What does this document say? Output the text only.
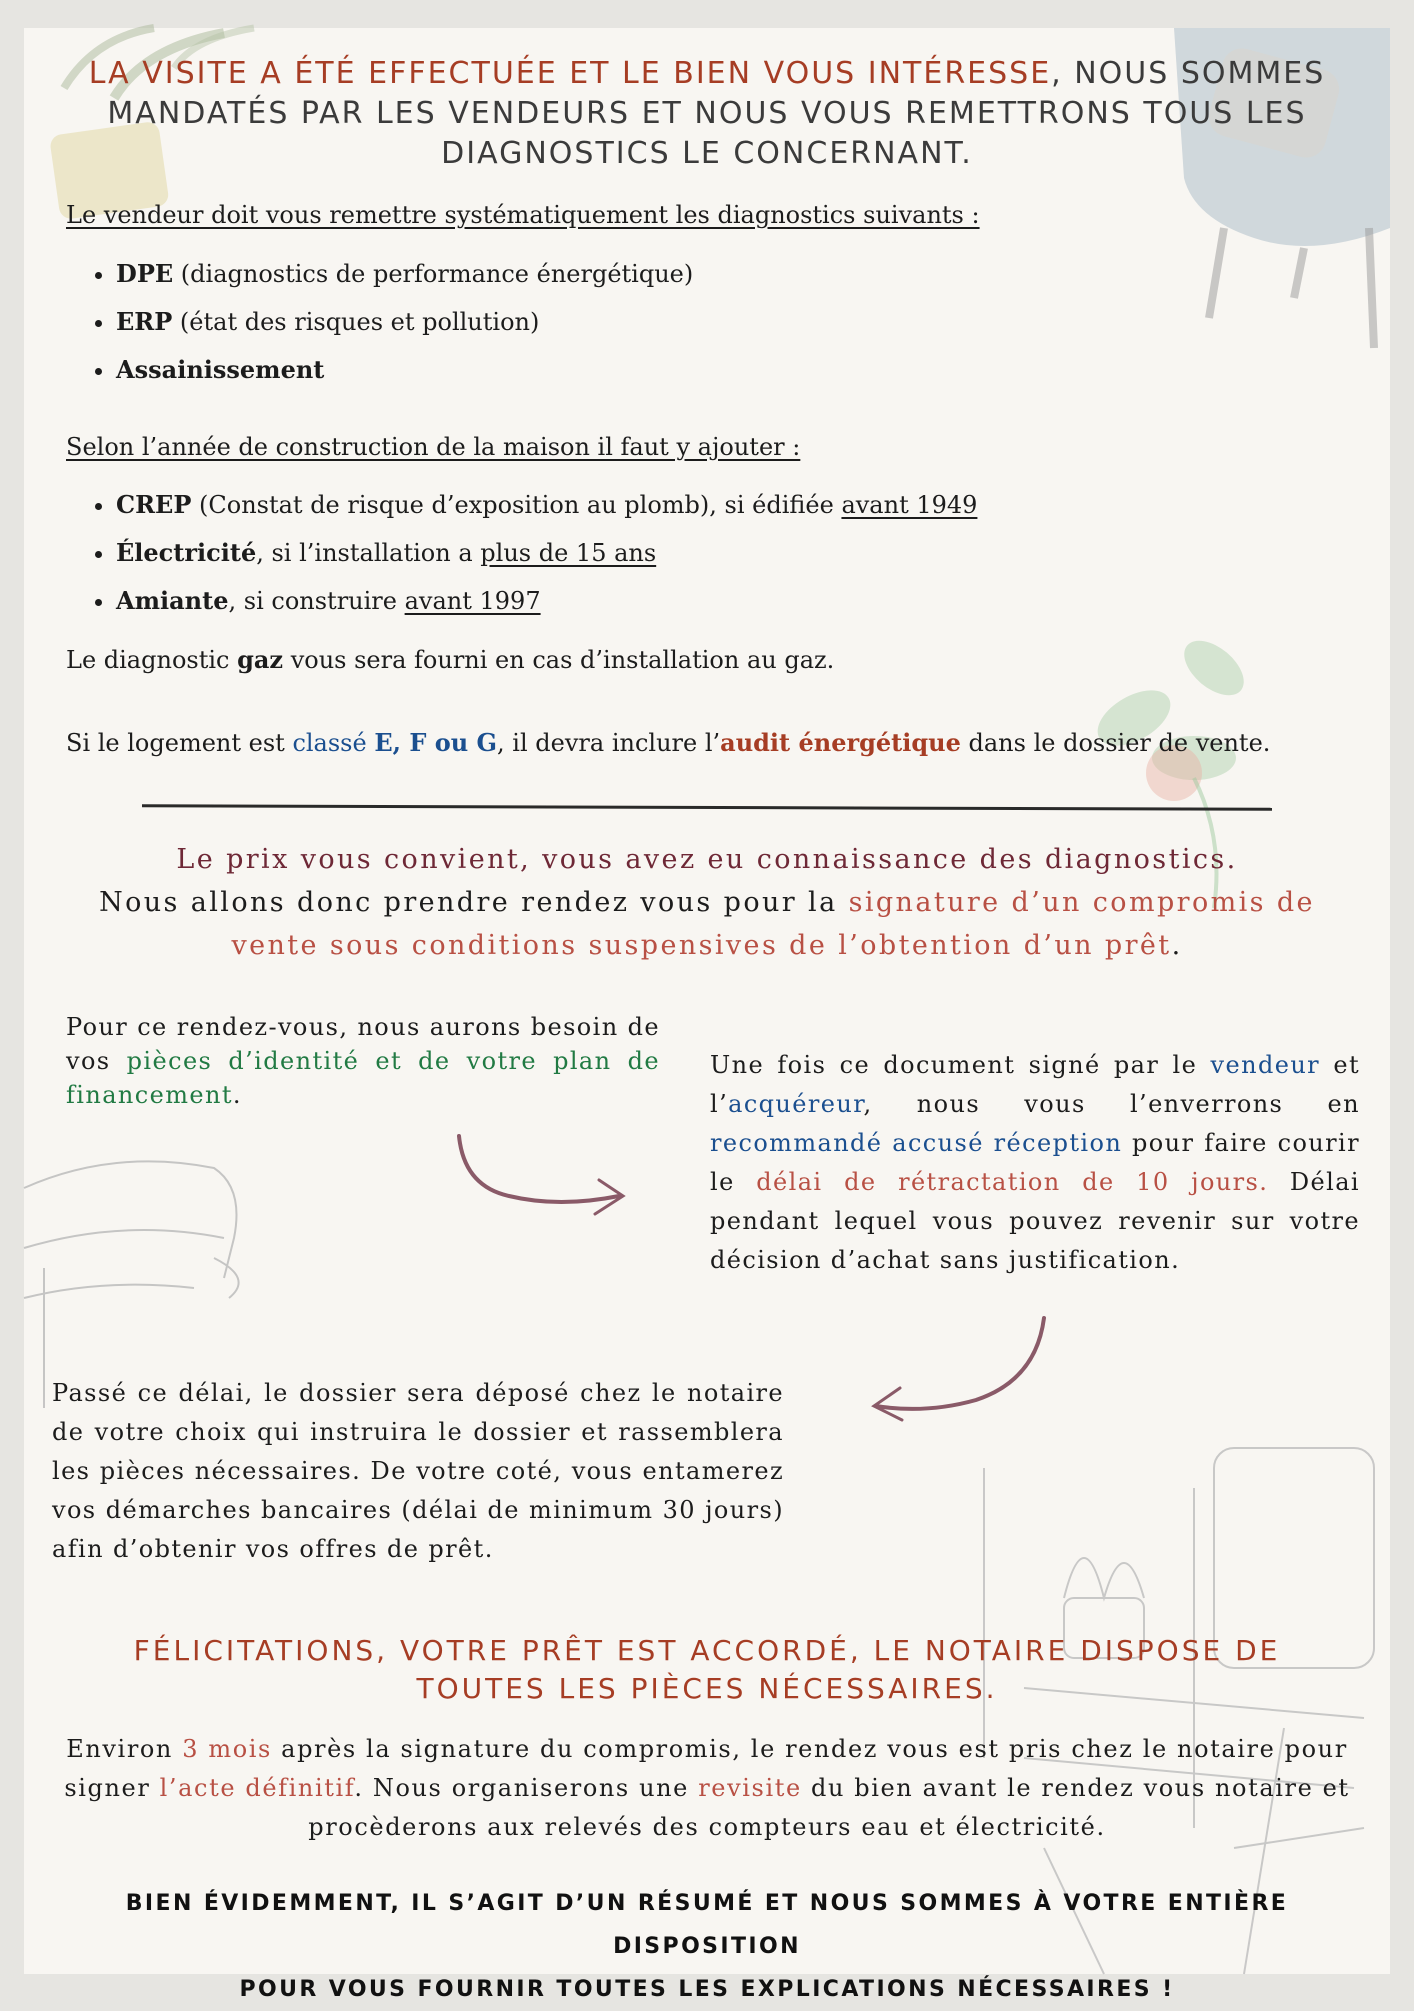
LA VISITE A ÉTÉ EFFECTUÉE ET LE BIEN VOUS INTÉRESSE, NOUS SOMMES MANDATÉS PAR LES VENDEURS ET NOUS VOUS REMETTRONS TOUS LES DIAGNOSTICS LE CONCERNANT.
Le vendeur doit vous remettre systématiquement les diagnostics suivants :
• DPE (diagnostics de performance énergétique)
• ERP (état des risques et pollution)
• Assainissement
Selon l’année de construction de la maison il faut y ajouter :
• CREP (Constat de risque d’exposition au plomb), si édifiée avant 1949
• Électricité, si l’installation a plus de 15 ans
• Amiante, si construire avant 1997
Le diagnostic gaz vous sera fourni en cas d’installation au gaz.
Si le logement est classé E, F ou G, il devra inclure l’audit énergétique dans le dossier de vente.
Le prix vous convient, vous avez eu connaissance des diagnostics.
Nous allons donc prendre rendez vous pour la signature d’un compromis de vente sous conditions suspensives de l’obtention d’un prêt.
Pour ce rendez-vous, nous aurons besoin de vos pièces d’identité et de votre plan de financement.
Une fois ce document signé par le vendeur et l’acquéreur, nous vous l’enverrons en recommandé accusé réception pour faire courir le délai de rétractation de 10 jours. Délai pendant lequel vous pouvez revenir sur votre décision d’achat sans justification.
Passé ce délai, le dossier sera déposé chez le notaire de votre choix qui instruira le dossier et rassemblera les pièces nécessaires. De votre coté, vous entamerez vos démarches bancaires (délai de minimum 30 jours) afin d’obtenir vos offres de prêt.
FÉLICITATIONS, VOTRE PRÊT EST ACCORDÉ, LE NOTAIRE DISPOSE DE TOUTES LES PIÈCES NÉCESSAIRES.
Environ 3 mois après la signature du compromis, le rendez vous est pris chez le notaire pour signer l’acte définitif. Nous organiserons une revisite du bien avant le rendez vous notaire et procèderons aux relevés des compteurs eau et électricité.
BIEN ÉVIDEMMENT, IL S’AGIT D’UN RÉSUMÉ ET NOUS SOMMES À VOTRE ENTIÈRE DISPOSITION
POUR VOUS FOURNIR TOUTES LES EXPLICATIONS NÉCESSAIRES !
